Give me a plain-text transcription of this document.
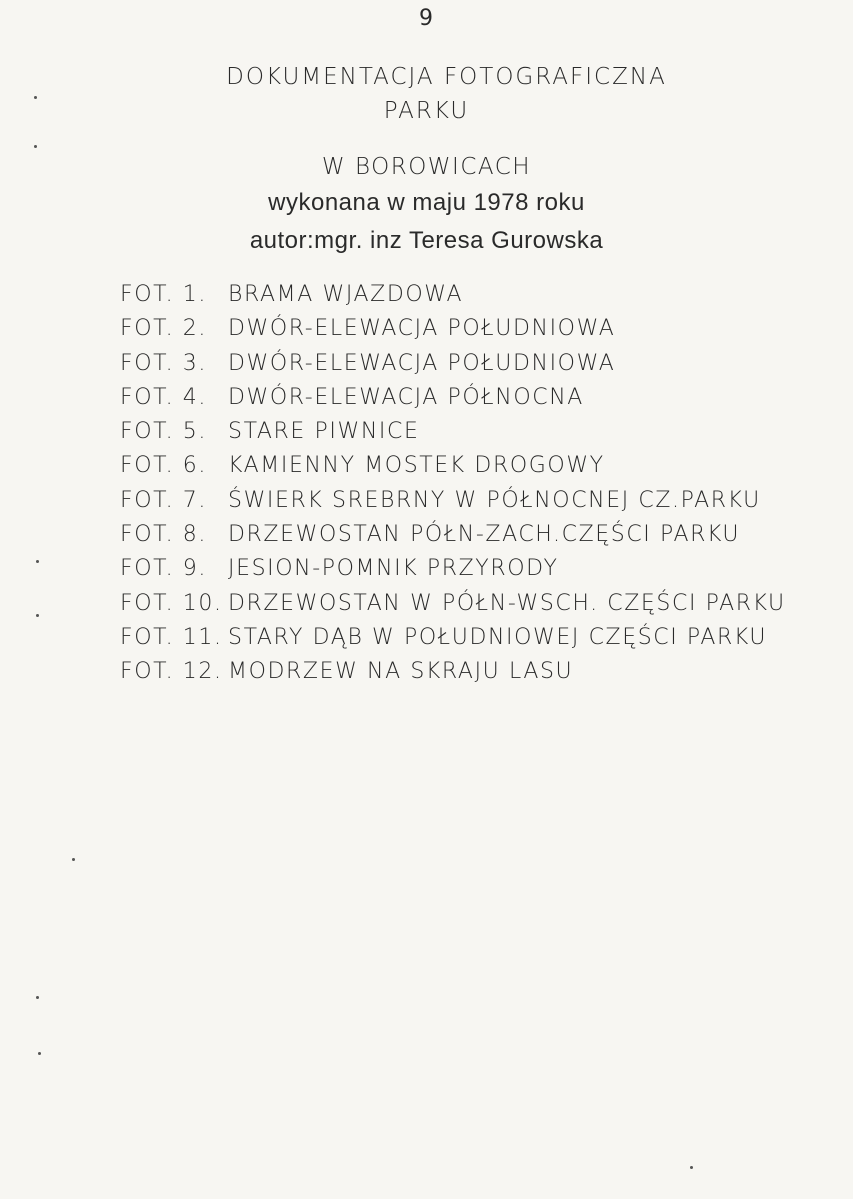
9
DOKUMENTACJA FOTOGRAFICZNA
PARKU
W BOROWICACH
wykonana w maju 1978 roku
autor:mgr. inz Teresa Gurowska
FOT. 1. BRAMA WJAZDOWA
FOT. 2. DWÓR-ELEWACJA POŁUDNIOWA
FOT. 3. DWÓR-ELEWACJA POŁUDNIOWA
FOT. 4. DWÓR-ELEWACJA PÓŁNOCNA
FOT. 5. STARE PIWNICE
FOT. 6. KAMIENNY MOSTEK DROGOWY
FOT. 7. ŚWIERK SREBRNY W PÓŁNOCNEJ CZ.PARKU
FOT. 8. DRZEWOSTAN PÓŁN-ZACH.CZĘŚCI PARKU
FOT. 9. JESION-POMNIK PRZYRODY
FOT. 10. DRZEWOSTAN W PÓŁN-WSCH. CZĘŚCI PARKU
FOT. 11. STARY DĄB W POŁUDNIOWEJ CZĘŚCI PARKU
FOT. 12. MODRZEW NA SKRAJU LASU
